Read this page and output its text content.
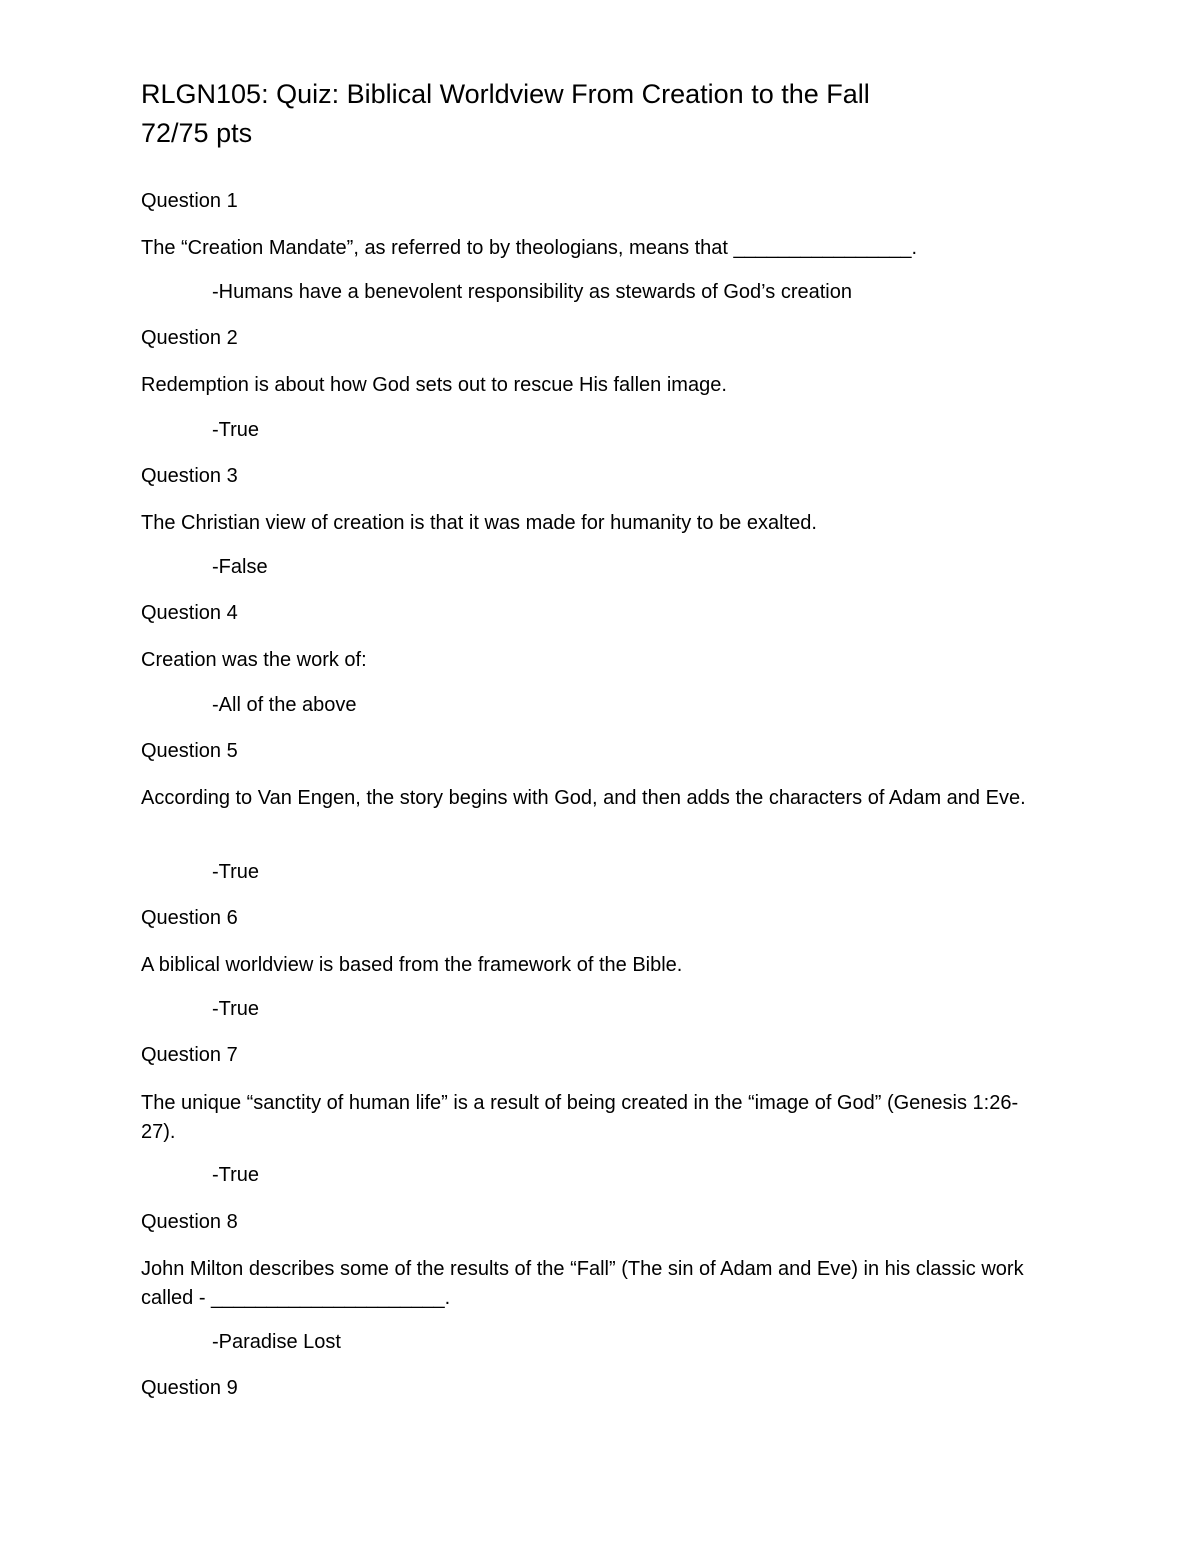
RLGN105: Quiz: Biblical Worldview From Creation to the Fall
72/75 pts
Question 1
The “Creation Mandate”, as referred to by theologians, means that ________________.
-Humans have a benevolent responsibility as stewards of God’s creation
Question 2
Redemption is about how God sets out to rescue His fallen image.
-True
Question 3
The Christian view of creation is that it was made for humanity to be exalted.
-False
Question 4
Creation was the work of:
-All of the above
Question 5
According to Van Engen, the story begins with God, and then adds the characters of Adam and Eve.
-True
Question 6
A biblical worldview is based from the framework of the Bible.
-True
Question 7
The unique “sanctity of human life” is a result of being created in the “image of God” (Genesis 1:26-27).
-True
Question 8
John Milton describes some of the results of the “Fall” (The sin of Adam and Eve) in his classic work called - _____________________.
-Paradise Lost
Question 9
